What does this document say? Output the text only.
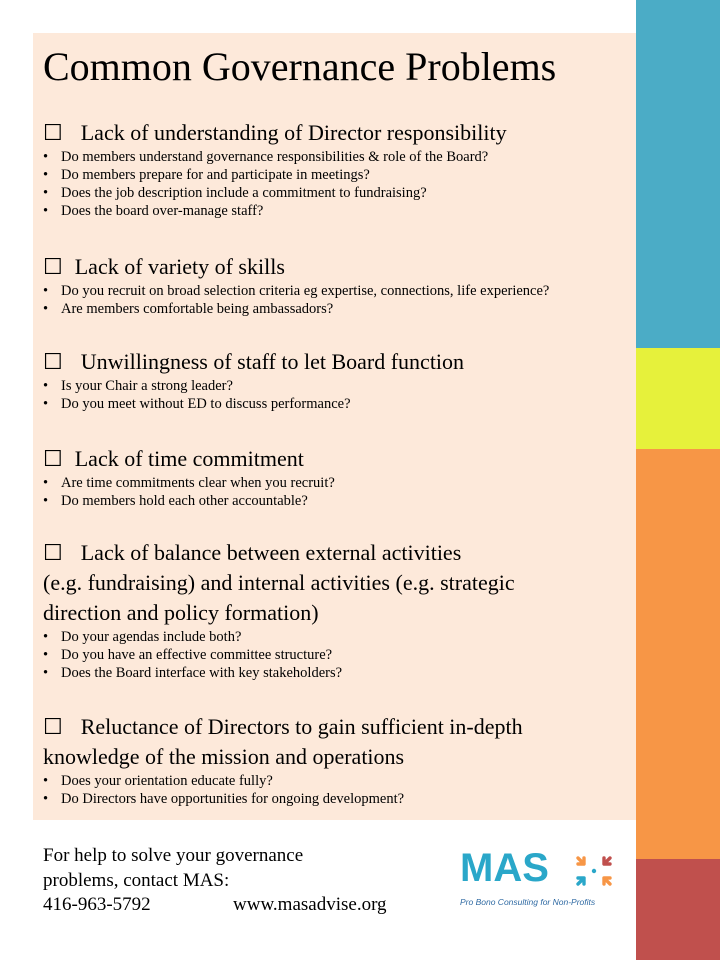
Common Governance Problems
☐ Lack of understanding of Director responsibility
• Do members understand governance responsibilities & role of the Board?
• Do members prepare for and participate in meetings?
• Does the job description include a commitment to fundraising?
• Does the board over-manage staff?
☐ Lack of variety of skills
• Do you recruit on broad selection criteria eg expertise, connections, life experience?
• Are members comfortable being ambassadors?
☐ Unwillingness of staff to let Board function
• Is your Chair a strong leader?
• Do you meet without ED to discuss performance?
☐ Lack of time commitment
• Are time commitments clear when you recruit?
• Do members hold each other accountable?
☐ Lack of balance between external activities
(e.g. fundraising) and internal activities (e.g. strategic
direction and policy formation)
• Do your agendas include both?
• Do you have an effective committee structure?
• Does the Board interface with key stakeholders?
☐ Reluctance of Directors to gain sufficient in-depth
knowledge of the mission and operations
• Does your orientation educate fully?
• Do Directors have opportunities for ongoing development?
For help to solve your governance
problems, contact MAS:
416-963-5792	www.masadvise.org
MAS
Pro Bono Consulting for Non-Profits
